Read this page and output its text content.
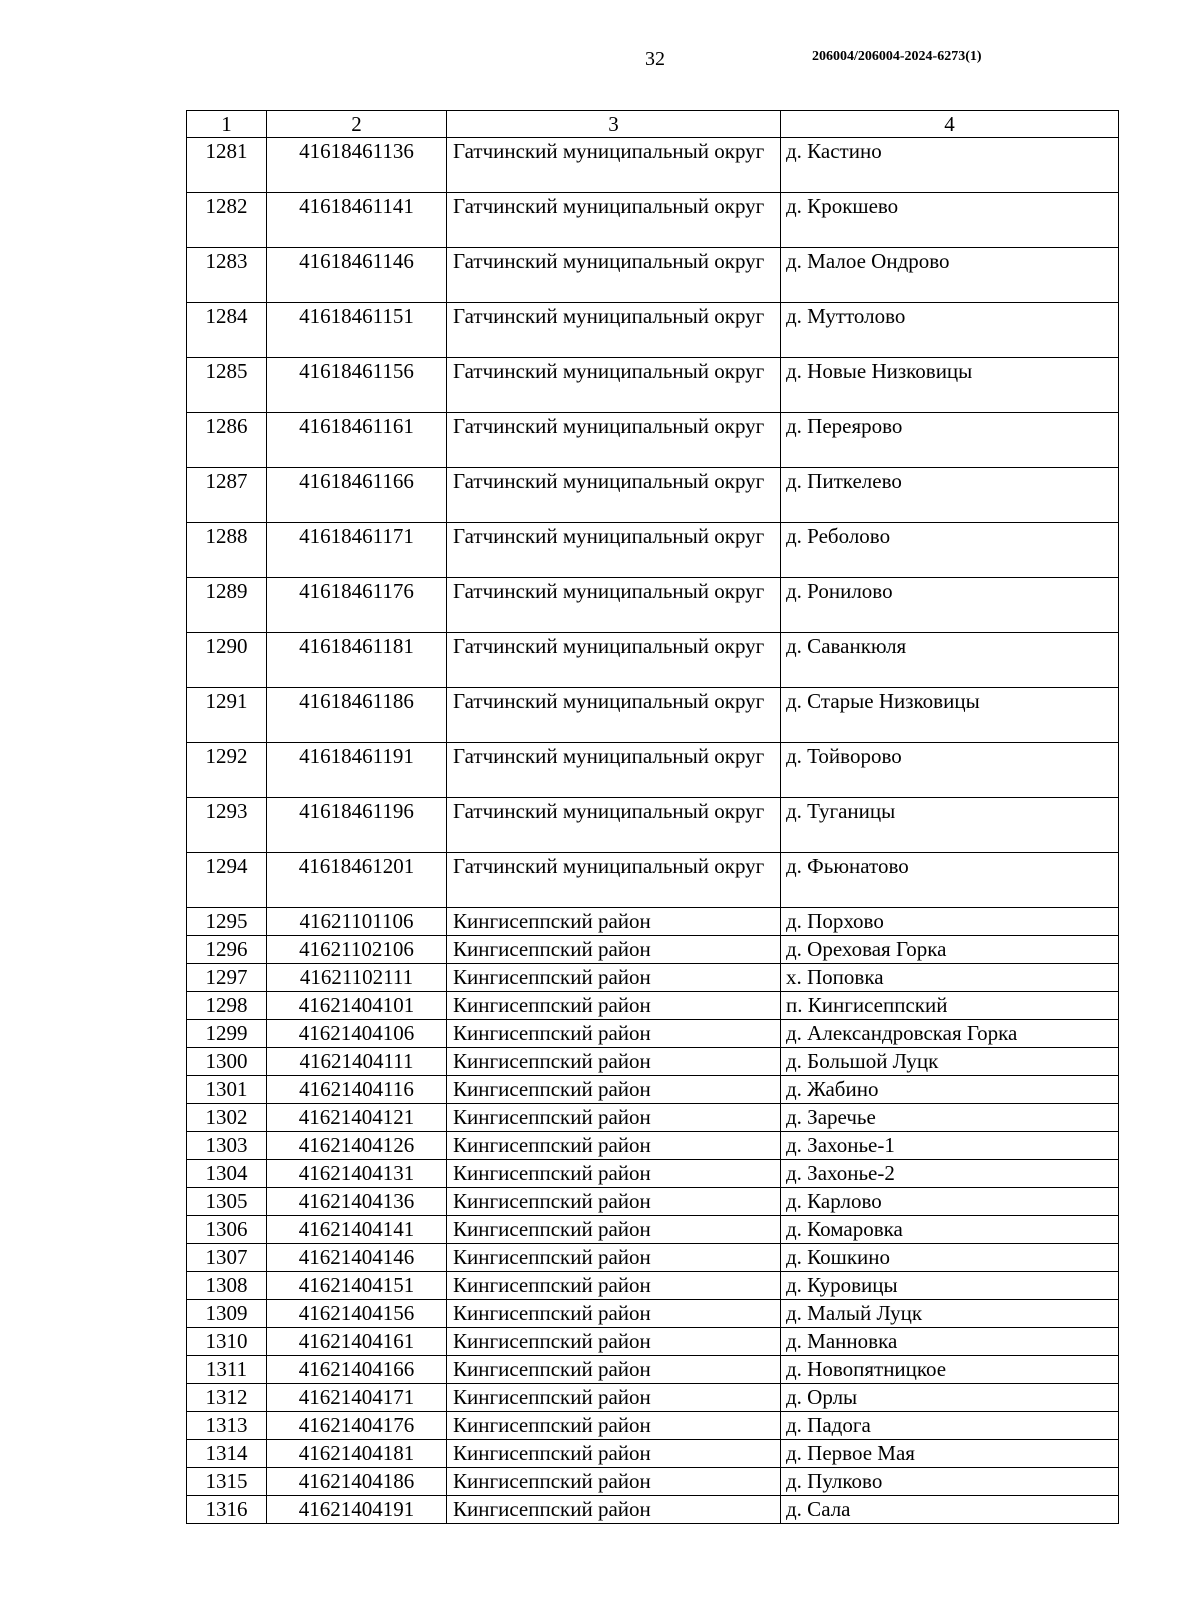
32	206004/206004-2024-6273(1)
1	2	3	4
1281	41618461136	Гатчинский муниципальный округ	д. Кастино
1282	41618461141	Гатчинский муниципальный округ	д. Крокшево
1283	41618461146	Гатчинский муниципальный округ	д. Малое Ондрово
1284	41618461151	Гатчинский муниципальный округ	д. Муттолово
1285	41618461156	Гатчинский муниципальный округ	д. Новые Низковицы
1286	41618461161	Гатчинский муниципальный округ	д. Переярово
1287	41618461166	Гатчинский муниципальный округ	д. Питкелево
1288	41618461171	Гатчинский муниципальный округ	д. Реболово
1289	41618461176	Гатчинский муниципальный округ	д. Ронилово
1290	41618461181	Гатчинский муниципальный округ	д. Саванкюля
1291	41618461186	Гатчинский муниципальный округ	д. Старые Низковицы
1292	41618461191	Гатчинский муниципальный округ	д. Тойворово
1293	41618461196	Гатчинский муниципальный округ	д. Туганицы
1294	41618461201	Гатчинский муниципальный округ	д. Фьюнатово
1295	41621101106	Кингисеппский район	д. Порхово
1296	41621102106	Кингисеппский район	д. Ореховая Горка
1297	41621102111	Кингисеппский район	х. Поповка
1298	41621404101	Кингисеппский район	п. Кингисеппский
1299	41621404106	Кингисеппский район	д. Александровская Горка
1300	41621404111	Кингисеппский район	д. Большой Луцк
1301	41621404116	Кингисеппский район	д. Жабино
1302	41621404121	Кингисеппский район	д. Заречье
1303	41621404126	Кингисеппский район	д. Захонье-1
1304	41621404131	Кингисеппский район	д. Захонье-2
1305	41621404136	Кингисеппский район	д. Карлово
1306	41621404141	Кингисеппский район	д. Комаровка
1307	41621404146	Кингисеппский район	д. Кошкино
1308	41621404151	Кингисеппский район	д. Куровицы
1309	41621404156	Кингисеппский район	д. Малый Луцк
1310	41621404161	Кингисеппский район	д. Манновка
1311	41621404166	Кингисеппский район	д. Новопятницкое
1312	41621404171	Кингисеппский район	д. Орлы
1313	41621404176	Кингисеппский район	д. Падога
1314	41621404181	Кингисеппский район	д. Первое Мая
1315	41621404186	Кингисеппский район	д. Пулково
1316	41621404191	Кингисеппский район	д. Сала
